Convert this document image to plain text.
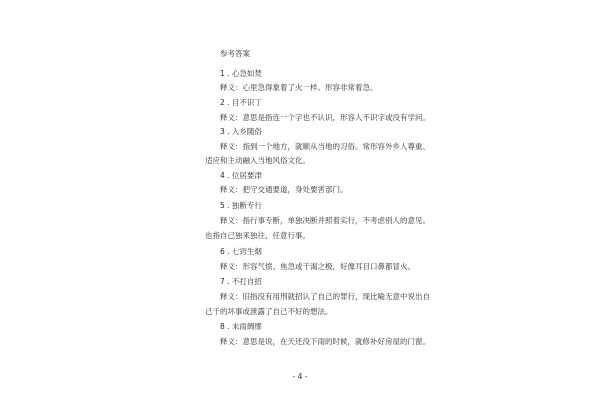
参考答案
1 . 心急如焚
释义：心里急得象着了火一样。形容非常着急。
2 . 目不识丁
释义：意思是指连一个字也不认识，形容人不识字或没有学问。
3 . 入乡随俗
释义：指到一个地方，就顺从当地的习俗。常形容外乡人尊重、
适应和主动融入当地风俗文化。
4 . 位居要津
释义：把守交通要道，身处要害部门。
5 . 独断专行
释义：指行事专断，单独决断并照着实行，不考虑别人的意见。
也指自己独来独往，任意行事。
6 . 七窍生烟
释义：形容气愤、焦急或干渴之极，好像耳目口鼻都冒火。
7 . 不打自招
释义：旧指没有用刑就招认了自己的罪行，现比喻无意中说出自
己干的坏事或泄露了自己不好的想法。
8 . 未雨绸缪
释义：意思是说，在天还没下雨的时候，就修补好房屋的门窗。
- 4 -
